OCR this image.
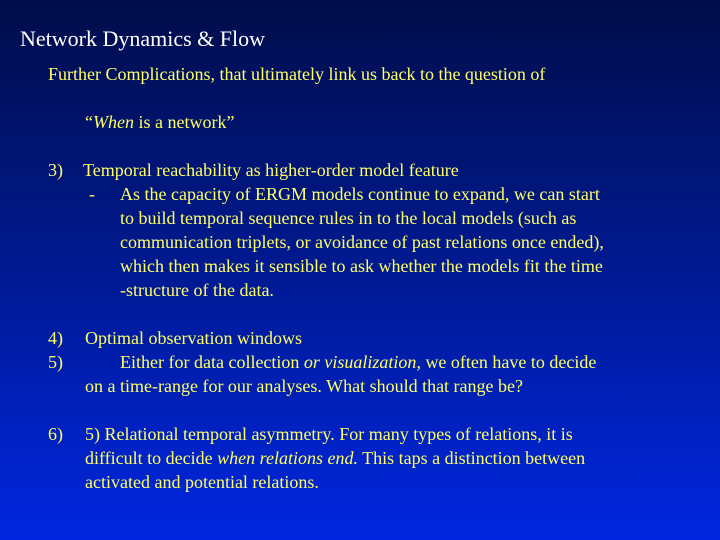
Network Dynamics & Flow
Further Complications, that ultimately link us back to the question of
“When is a network”
3) Temporal reachability as higher-order model feature
- As the capacity of ERGM models continue to expand, we can start
to build temporal sequence rules in to the local models (such as
communication triplets, or avoidance of past relations once ended),
which then makes it sensible to ask whether the models fit the time
-structure of the data.
4) Optimal observation windows
5)	Either for data collection or visualization, we often have to decide
on a time-range for our analyses. What should that range be?
6) 5) Relational temporal asymmetry. For many types of relations, it is
difficult to decide when relations end. This taps a distinction between
activated and potential relations.
